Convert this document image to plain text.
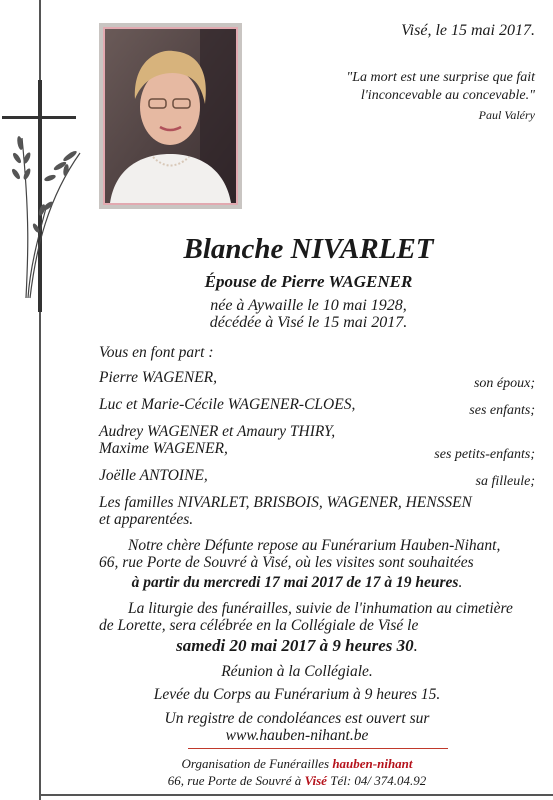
Visé, le 15 mai 2017.
"La mort est une surprise que fait
l'inconcevable au concevable."
Paul Valéry
Blanche NIVARLET
Épouse de Pierre WAGENER
née à Aywaille le 10 mai 1928,
décédée à Visé le 15 mai 2017.
Vous en font part :
Pierre WAGENER,	son époux;
Luc et Marie-Cécile WAGENER-CLOES,	ses enfants;
Audrey WAGENER et Amaury THIRY,
Maxime WAGENER,	ses petits-enfants;
Joëlle ANTOINE,	sa filleule;
Les familles NIVARLET, BRISBOIS, WAGENER, HENSSEN
et apparentées.
Notre chère Défunte repose au Funérarium Hauben-Nihant,
66, rue Porte de Souvré à Visé, où les visites sont souhaitées
à partir du mercredi 17 mai 2017 de 17 à 19 heures.
La liturgie des funérailles, suivie de l'inhumation au cimetière
de Lorette, sera célébrée en la Collégiale de Visé le
samedi 20 mai 2017 à 9 heures 30.
Réunion à la Collégiale.
Levée du Corps au Funérarium à 9 heures 15.
Un registre de condoléances est ouvert sur
www.hauben-nihant.be
Organisation de Funérailles hauben-nihant
66, rue Porte de Souvré à Visé Tél: 04/ 374.04.92
